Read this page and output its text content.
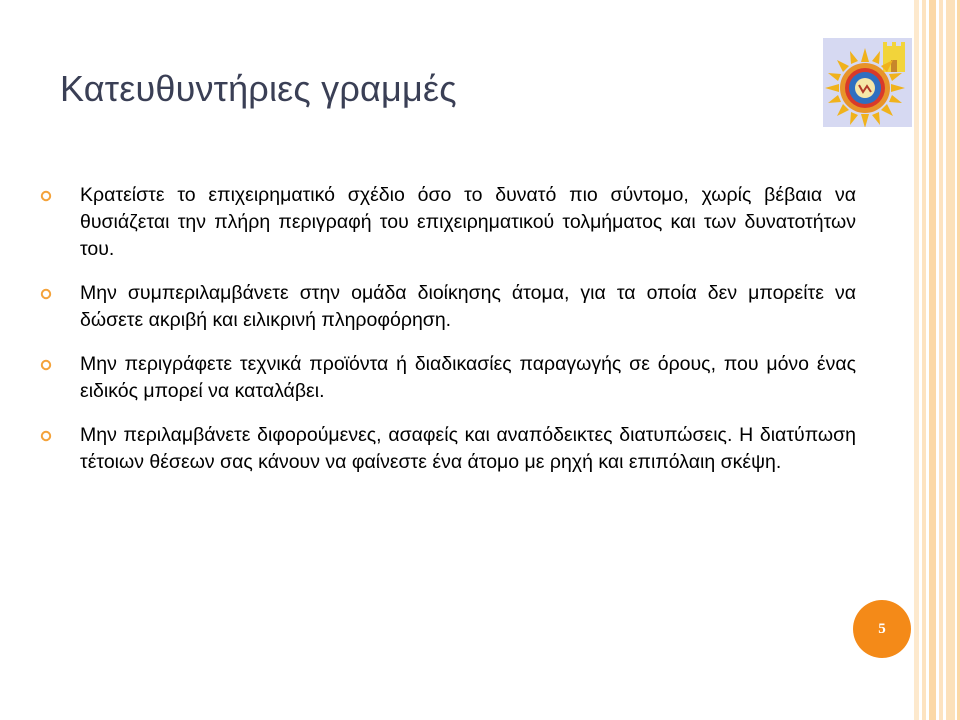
Κατευθυντήριες γραμμές
Κρατείστε το επιχειρηματικό σχέδιο όσο το δυνατό πιο σύντομο, χωρίς βέβαια να θυσιάζεται την πλήρη περιγραφή του επιχειρηματικού τολμήματος και των δυνατοτήτων του.
Μην συμπεριλαμβάνετε στην ομάδα διοίκησης άτομα, για τα οποία δεν μπορείτε να δώσετε ακριβή και ειλικρινή πληροφόρηση.
Μην περιγράφετε τεχνικά προϊόντα ή διαδικασίες παραγωγής σε όρους, που μόνο ένας ειδικός μπορεί να καταλάβει.
Μην περιλαμβάνετε διφορούμενες, ασαφείς και αναπόδεικτες διατυπώσεις. Η διατύπωση τέτοιων θέσεων σας κάνουν να φαίνεστε ένα άτομο με ρηχή και επιπόλαιη σκέψη.
5
